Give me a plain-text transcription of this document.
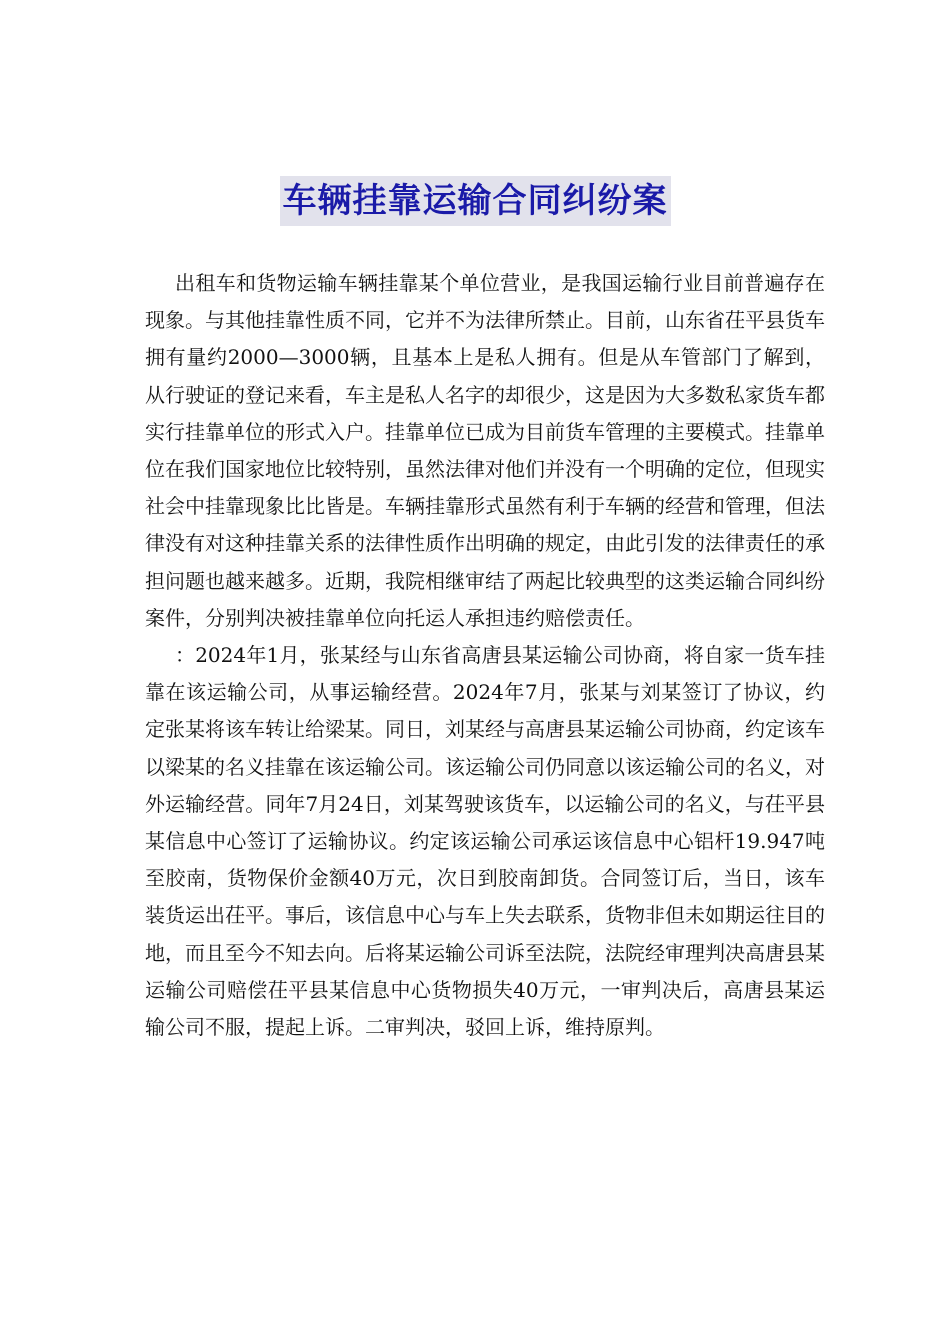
车辆挂靠运输合同纠纷案

出租车和货物运输车辆挂靠某个单位营业，是我国运输行业目前普遍存在现象。与其他挂靠性质不同，它并不为法律所禁止。目前，山东省茌平县货车拥有量约2000—3000辆，且基本上是私人拥有。但是从车管部门了解到，从行驶证的登记来看，车主是私人名字的却很少，这是因为大多数私家货车都实行挂靠单位的形式入户。挂靠单位已成为目前货车管理的主要模式。挂靠单位在我们国家地位比较特别，虽然法律对他们并没有一个明确的定位，但现实社会中挂靠现象比比皆是。车辆挂靠形式虽然有利于车辆的经营和管理，但法律没有对这种挂靠关系的法律性质作出明确的规定，由此引发的法律责任的承担问题也越来越多。近期，我院相继审结了两起比较典型的这类运输合同纠纷案件，分别判决被挂靠单位向托运人承担违约赔偿责任。

：2024年1月，张某经与山东省高唐县某运输公司协商，将自家一货车挂靠在该运输公司，从事运输经营。2024年7月，张某与刘某签订了协议，约定张某将该车转让给梁某。同日，刘某经与高唐县某运输公司协商，约定该车以梁某的名义挂靠在该运输公司。该运输公司仍同意以该运输公司的名义，对外运输经营。同年7月24日，刘某驾驶该货车，以运输公司的名义，与茌平县某信息中心签订了运输协议。约定该运输公司承运该信息中心铝杆19.947吨至胶南，货物保价金额40万元，次日到胶南卸货。合同签订后，当日，该车装货运出茌平。事后，该信息中心与车上失去联系，货物非但未如期运往目的地，而且至今不知去向。后将某运输公司诉至法院，法院经审理判决高唐县某运输公司赔偿茌平县某信息中心货物损失40万元，一审判决后，高唐县某运输公司不服，提起上诉。二审判决，驳回上诉，维持原判。
